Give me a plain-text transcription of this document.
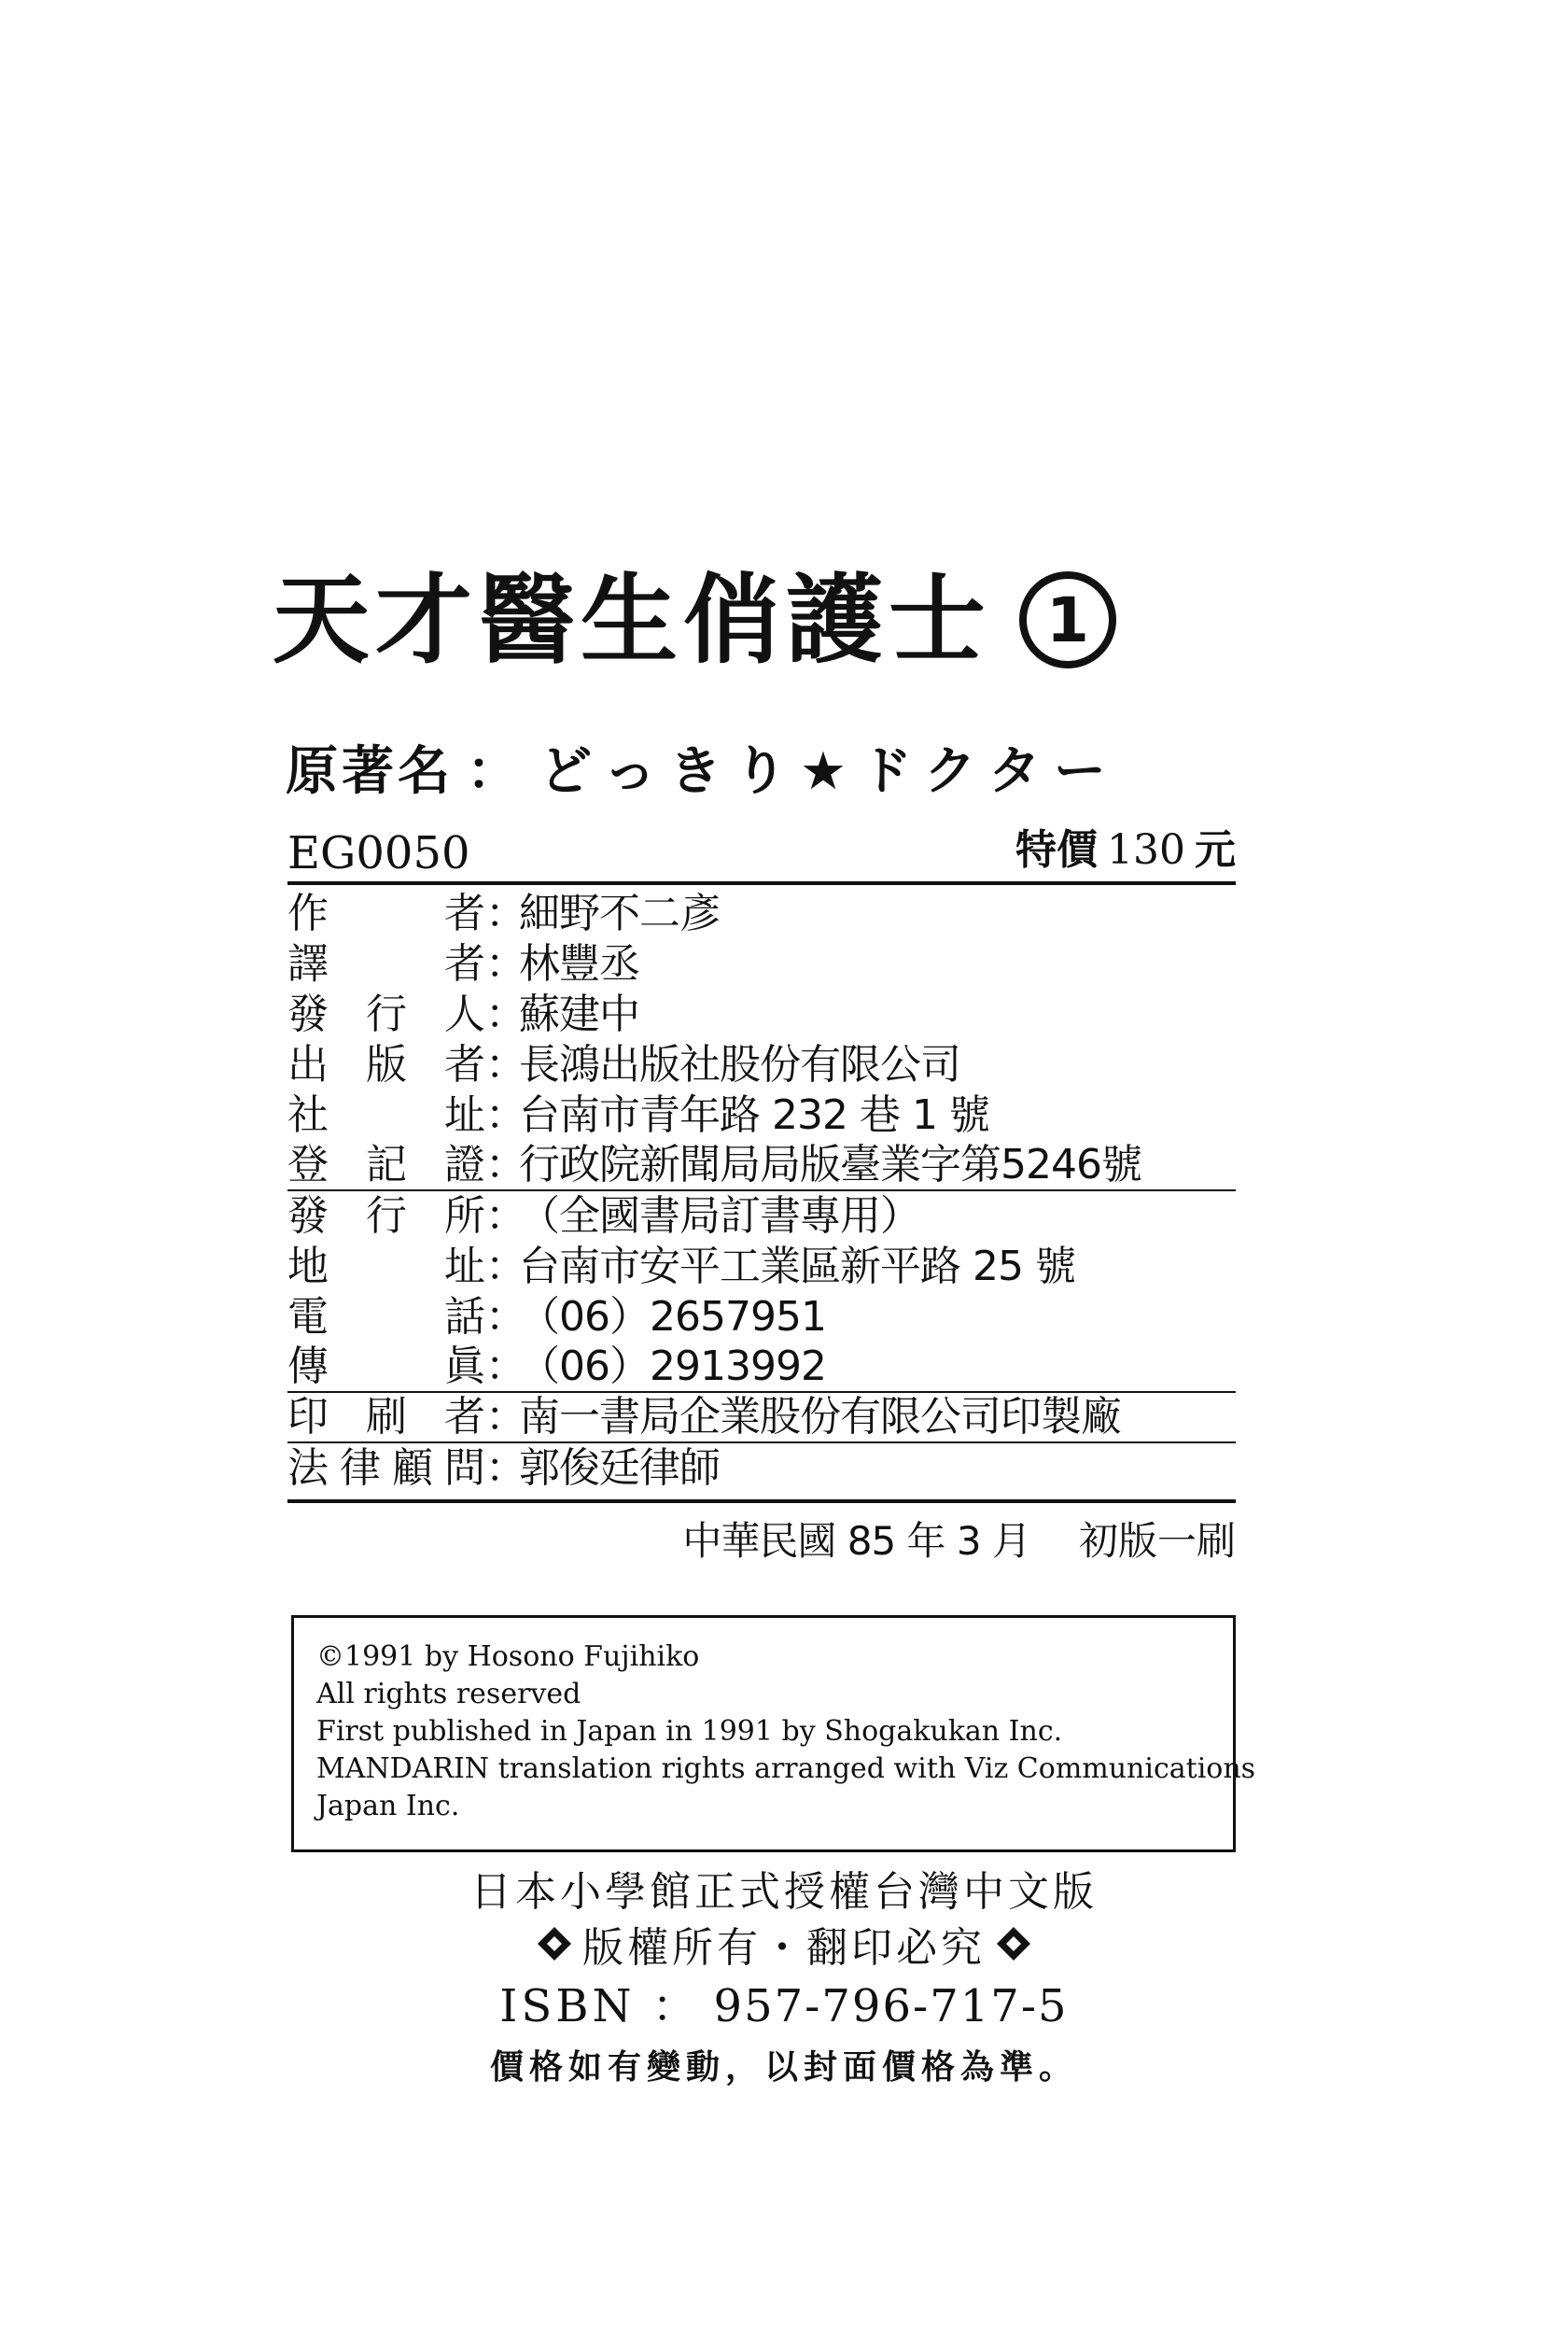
天才醫生俏護士 1
原著名 ： どっきり★ドクター
EG0050	特價 130 元
作	者 ：
細野不二彥
譯	者 ：
林豐丞
發 行 人 ：
蘇建中
出 版 者 ：
長鴻出版社股份有限公司
社	址 ：
台南市青年路 232 巷 1 號
登 記 證 ：
行政院新聞局局版臺業字第5246號
發 行 所 ：
（全國書局訂書專用）
地	址 ：
台南市安平工業區新平路 25 號
電	話 ：
（06）2657951
傳	眞 ：
（06）2913992
印 刷 者 ：
南一書局企業股份有限公司印製廠
法 律 顧 問 ：
郭俊廷律師
中華民國 85 年 3 月 初版一刷
©1991 by Hosono Fujihiko
All rights reserved
First published in Japan in 1991 by Shogakukan Inc.
MANDARIN translation rights arranged with Viz Communications
Japan Inc.
日本小學館正式授權台灣中文版
版權所有・翻印必究
ISBN ： 957-796-717-5
價格如有變動，以封面價格為準。
